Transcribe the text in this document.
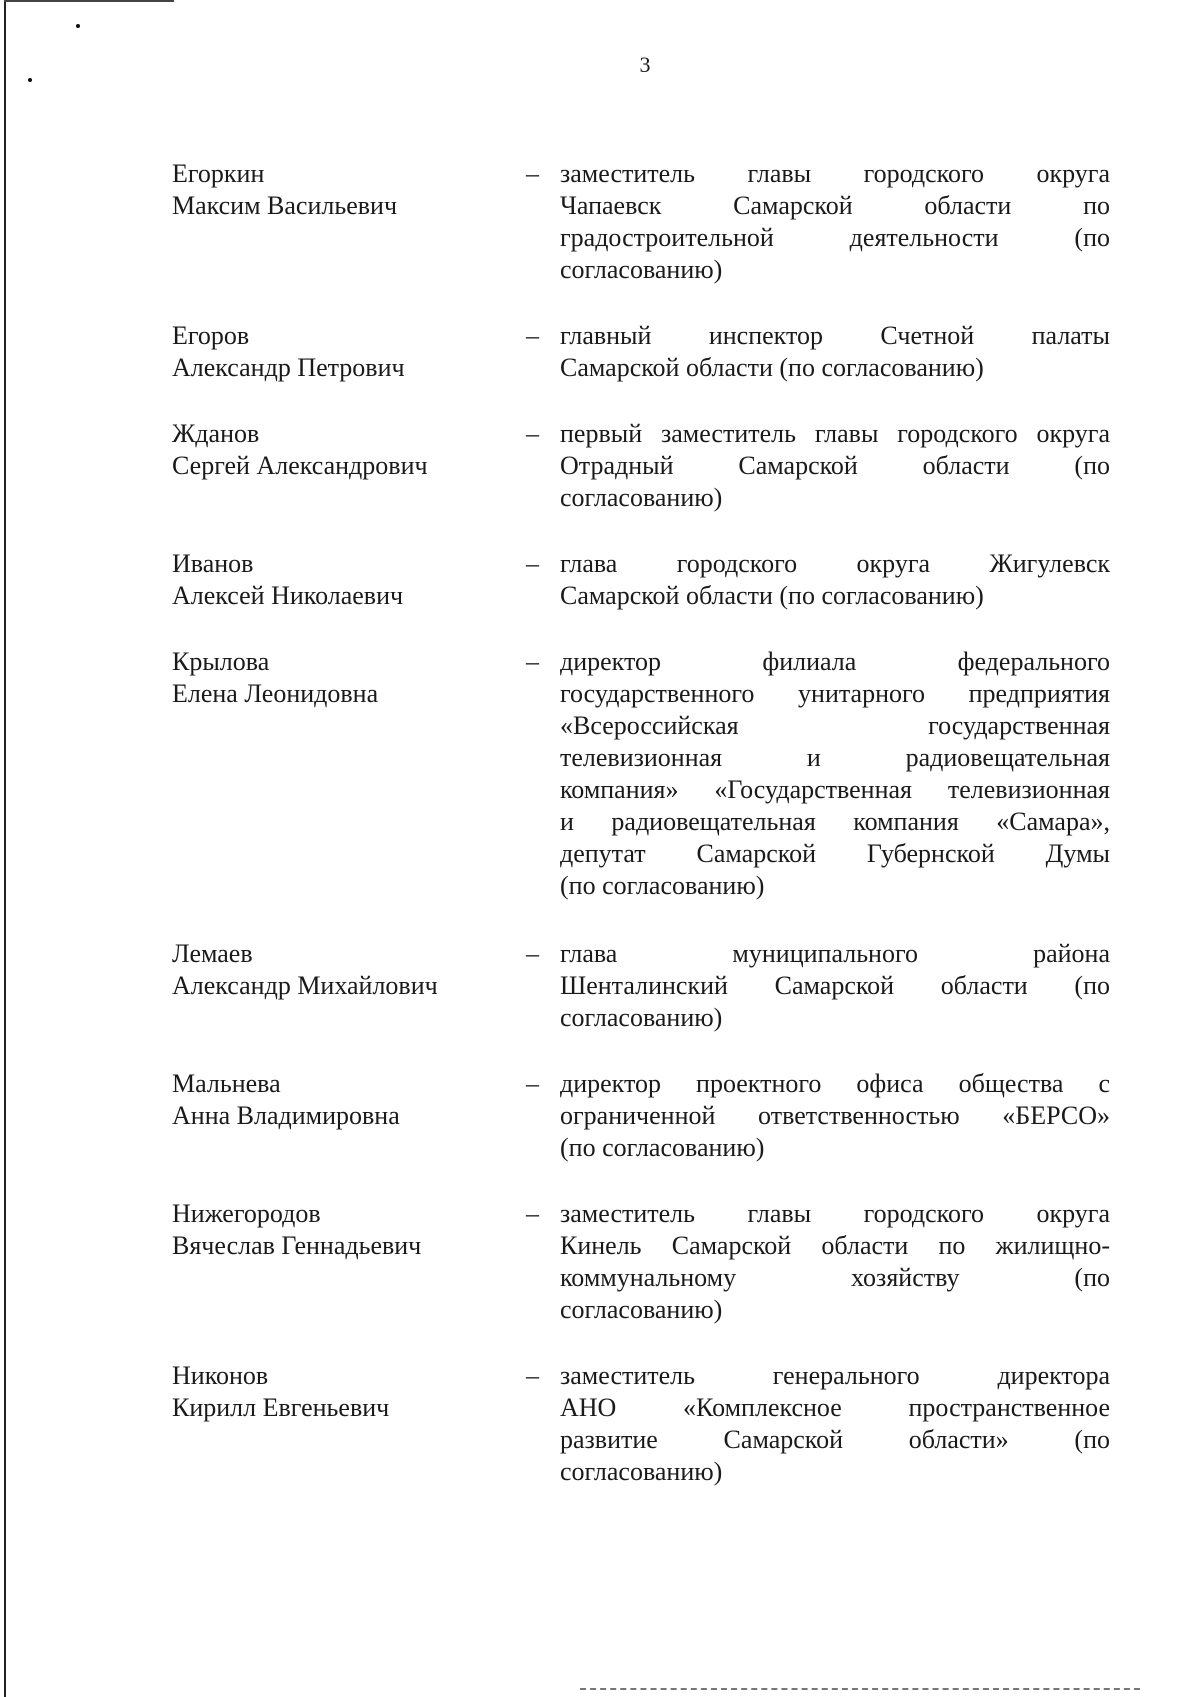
3
Егоркин
Максим Васильевич
– заместитель главы городского округа
Чапаевск Самарской области по
градостроительной деятельности (по
согласованию)
Егоров
Александр Петрович
– главный инспектор Счетной палаты
Самарской области (по согласованию)
Жданов
Сергей Александрович
– первый заместитель главы городского округа
Отрадный Самарской области (по
согласованию)
Иванов
Алексей Николаевич
– глава городского округа Жигулевск
Самарской области (по согласованию)
Крылова
Елена Леонидовна
– директор филиала федерального
государственного унитарного предприятия
«Всероссийская государственная
телевизионная и радиовещательная
компания» «Государственная телевизионная
и радиовещательная компания «Самара»,
депутат Самарской Губернской Думы
(по согласованию)
Лемаев
Александр Михайлович
– глава муниципального района
Шенталинский Самарской области (по
согласованию)
Мальнева
Анна Владимировна
– директор проектного офиса общества с
ограниченной ответственностью «БЕРСО»
(по согласованию)
Нижегородов
Вячеслав Геннадьевич
– заместитель главы городского округа
Кинель Самарской области по жилищно-
коммунальному хозяйству (по
согласованию)
Никонов
Кирилл Евгеньевич
– заместитель генерального директора
АНО «Комплексное пространственное
развитие Самарской области» (по
согласованию)
